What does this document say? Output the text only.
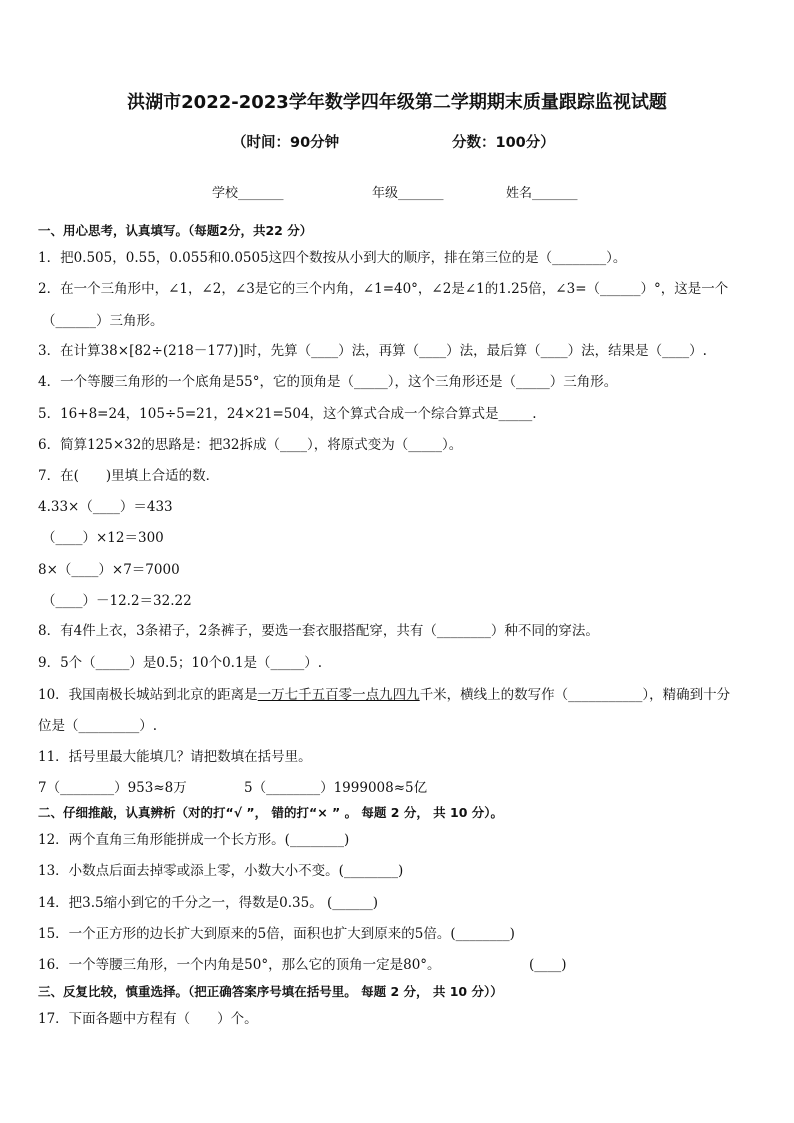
洪湖市2022-2023学年数学四年级第二学期期末质量跟踪监视试题
（时间：90分钟	分数：100分）
学校_______	年级_______	姓名_______
一、用心思考，认真填写。（每题2分，共22 分）
1．把0.505，0.55，0.055和0.0505这四个数按从小到大的顺序，排在第三位的是（________）。
2．在一个三角形中，∠1，∠2，∠3是它的三个内角，∠1=40°，∠2是∠1的1.25倍，∠3=（______）°，这是一个
（______）三角形。
3．在计算38×[82÷(218－177)]时，先算（____）法，再算（____）法，最后算（____）法，结果是（____）.
4．一个等腰三角形的一个底角是55°，它的顶角是（_____），这个三角形还是（_____）三角形。
5．16+8=24，105÷5=21，24×21=504，这个算式合成一个综合算式是_____.
6．简算125×32的思路是：把32拆成（____），将原式变为（_____）。
7．在(　　)里填上合适的数．
4.33×（____）＝433
（____）×12＝300
8×（____）×7＝7000
（____）－12.2＝32.22
8．有4件上衣，3条裙子，2条裤子，要选一套衣服搭配穿，共有（________）种不同的穿法。
9．5个（_____）是0.5；10个0.1是（_____）.
10．我国南极长城站到北京的距离是一万七千五百零一点九四九千米，横线上的数写作（___________），精确到十分
位是（_________）.
11．括号里最大能填几？请把数填在括号里。
7（________）953≈8万	5（________）1999008≈5亿
二、仔细推敲，认真辨析（对的打“√ ”， 错的打“× ” 。 每题 2 分， 共 10 分）。
12．两个直角三角形能拼成一个长方形。(________)
13．小数点后面去掉零或添上零，小数大小不变。(________)
14．把3.5缩小到它的千分之一，得数是0.35。 (______)
15．一个正方形的边长扩大到原来的5倍，面积也扩大到原来的5倍。(________)
16．一个等腰三角形，一个内角是50°，那么它的顶角一定是80°。	(____)
三、反复比较，慎重选择。（把正确答案序号填在括号里。 每题 2 分， 共 10 分））
17．下面各题中方程有（　　）个。
